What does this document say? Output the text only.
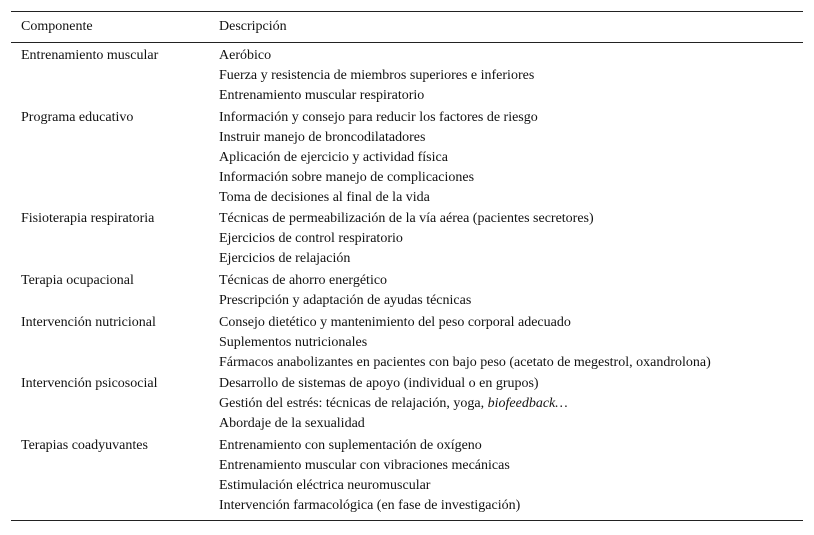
Componente	Descripción
Entrenamiento muscular	Aeróbico
Fuerza y resistencia de miembros superiores e inferiores
Entrenamiento muscular respiratorio
Programa educativo	Información y consejo para reducir los factores de riesgo
Instruir manejo de broncodilatadores
Aplicación de ejercicio y actividad física
Información sobre manejo de complicaciones
Toma de decisiones al final de la vida
Fisioterapia respiratoria	Técnicas de permeabilización de la vía aérea (pacientes secretores)
Ejercicios de control respiratorio
Ejercicios de relajación
Terapia ocupacional	Técnicas de ahorro energético
Prescripción y adaptación de ayudas técnicas
Intervención nutricional	Consejo dietético y mantenimiento del peso corporal adecuado
Suplementos nutricionales
Fármacos anabolizantes en pacientes con bajo peso (acetato de megestrol, oxandrolona)
Intervención psicosocial	Desarrollo de sistemas de apoyo (individual o en grupos)
Gestión del estrés: técnicas de relajación, yoga, biofeedback…
Abordaje de la sexualidad
Terapias coadyuvantes	Entrenamiento con suplementación de oxígeno
Entrenamiento muscular con vibraciones mecánicas
Estimulación eléctrica neuromuscular
Intervención farmacológica (en fase de investigación)
